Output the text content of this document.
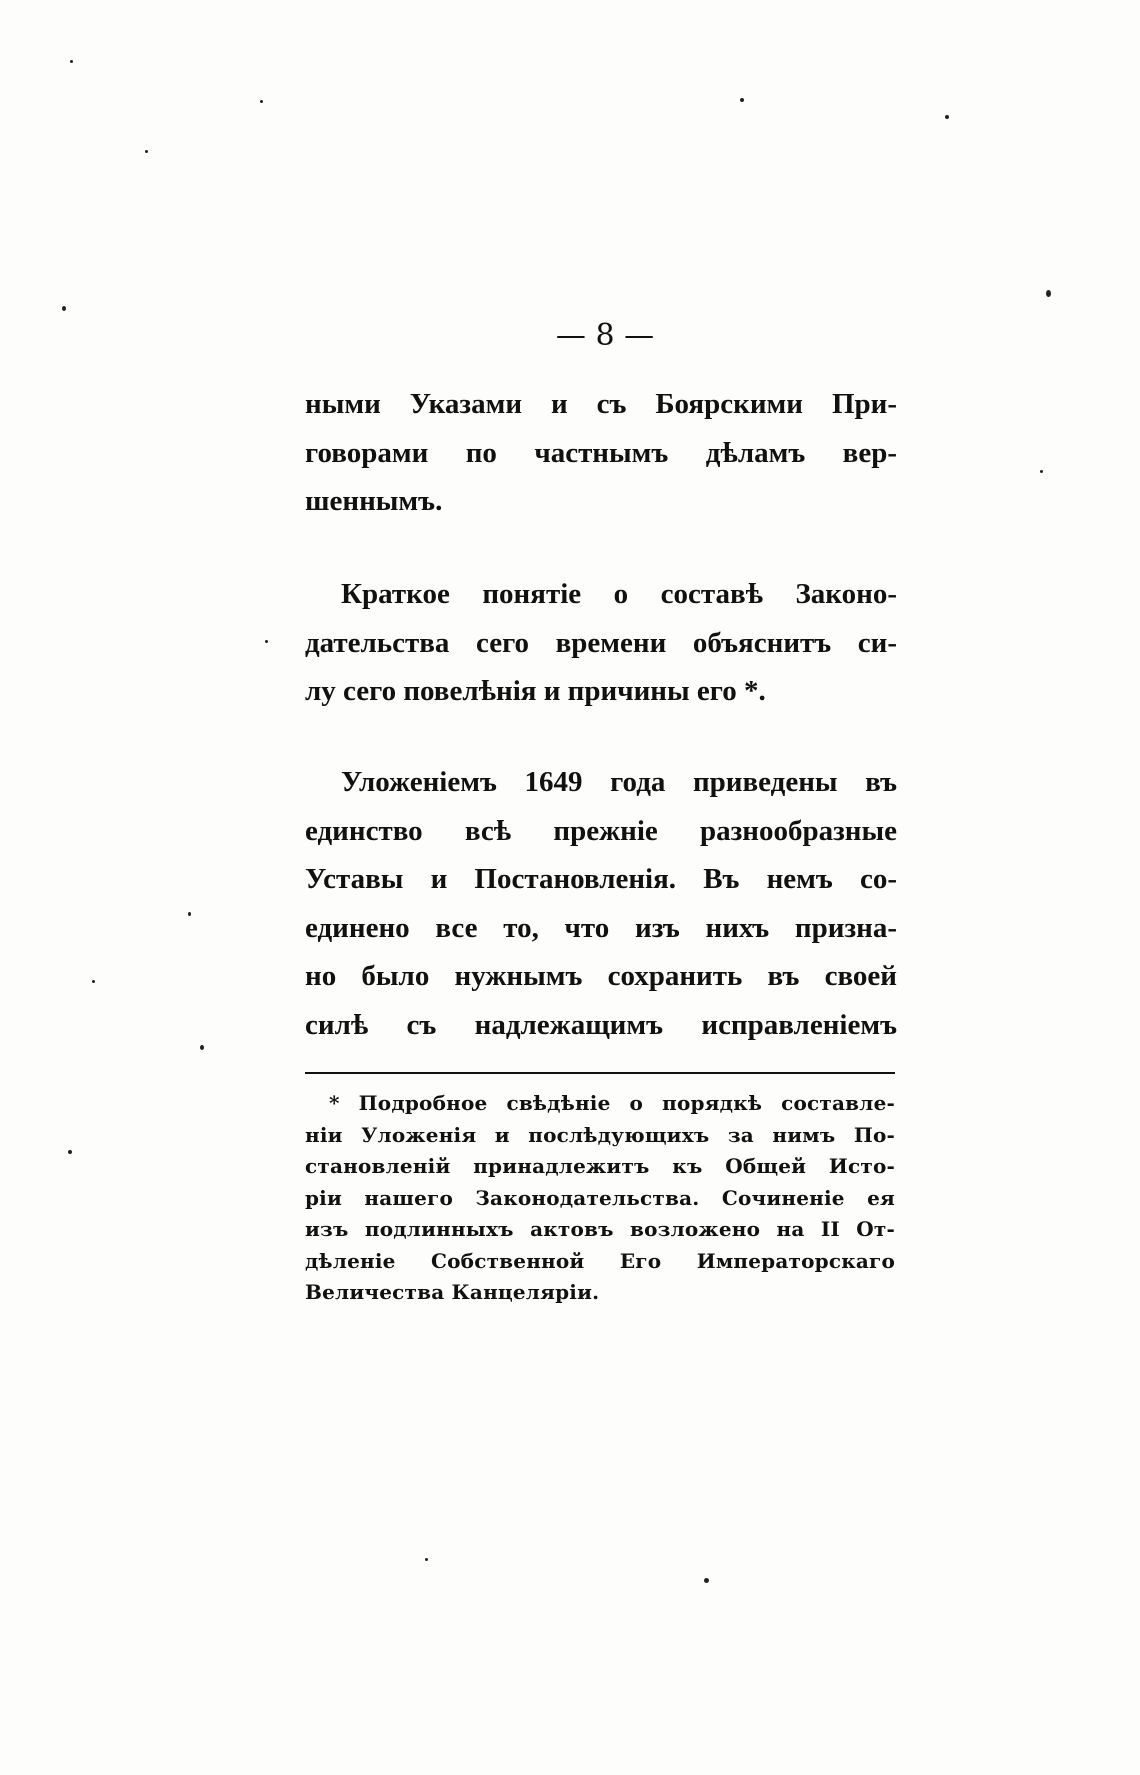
— 8 —
ными Указами и съ Боярскими При-
говорами по частнымъ дѣламъ вер-
шеннымъ.
Краткое понятіе о составѣ Законо-
дательства сего времени объяснитъ си-
лу сего повелѣнія и причины его *.
Уложеніемъ 1649 года приведены въ
единство всѣ прежніе разнообразные
Уставы и Постановленія. Въ немъ со-
единено все то, что изъ нихъ призна-
но было нужнымъ сохранить въ своей
силѣ съ надлежащимъ исправленіемъ
* Подробное свѣдѣніе о порядкѣ составле-
ніи Уложенія и послѣдующихъ за нимъ По-
становленій принадлежитъ къ Общей Исто-
ріи нашего Законодательства. Сочиненіе ея
изъ подлинныхъ актовъ возложено на II От-
дѣленіе Собственной Его Императорскаго
Величества Канцеляріи.
